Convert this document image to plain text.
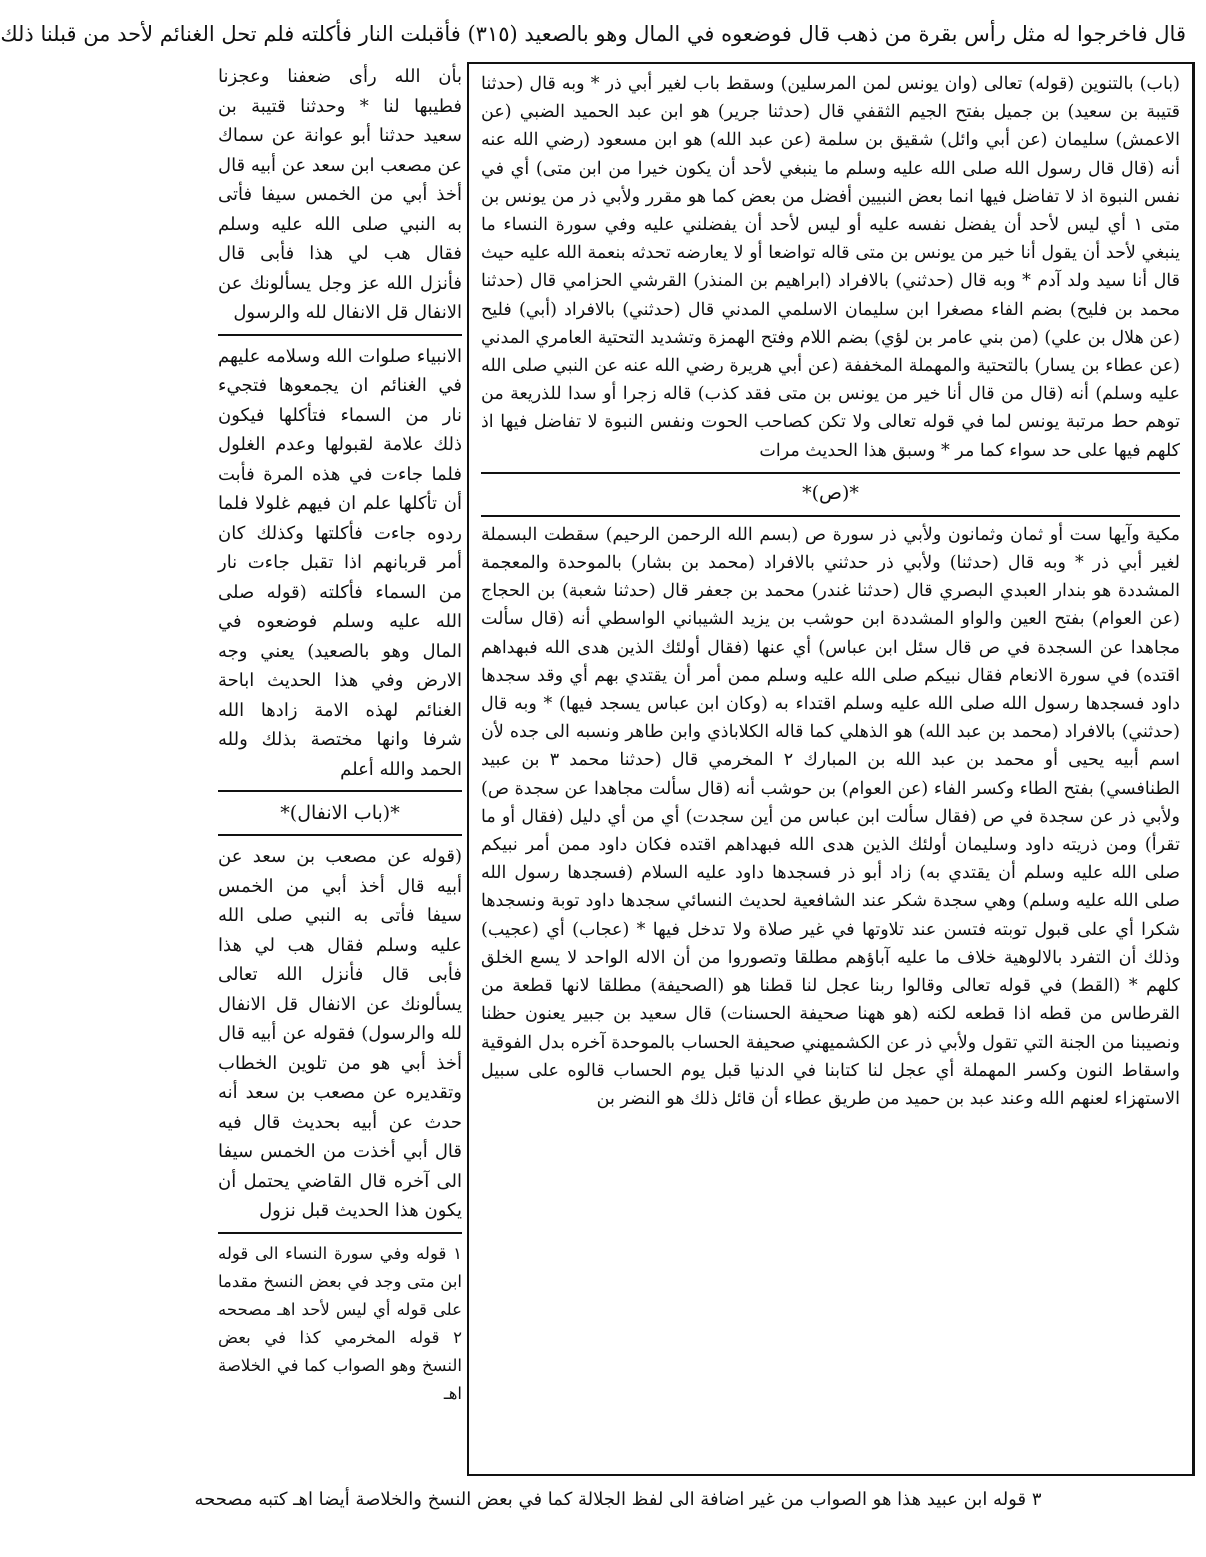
قال فاخرجوا له مثل رأس بقرة من ذهب قال فوضعوه في المال وهو بالصعيد (٣١٥) فأقبلت النار فأكلته فلم تحل الغنائم لأحد من قبلنا ذلك

(باب) بالتنوين (قوله) تعالى (وان يونس لمن المرسلين) وسقط باب لغير أبي ذر * وبه قال (حدثنا قتيبة بن سعيد) بن جميل بفتح الجيم الثقفي قال (حدثنا جرير) هو ابن عبد الحميد الضبي (عن الاعمش) سليمان (عن أبي وائل) شقيق بن سلمة (عن عبد الله) هو ابن مسعود (رضي الله عنه أنه (قال قال رسول الله صلى الله عليه وسلم ما ينبغي لأحد أن يكون خيرا من ابن متى) أي في نفس النبوة اذ لا تفاضل فيها انما بعض النبيين أفضل من بعض كما هو مقرر ولأبي ذر من يونس بن متى ١ أي ليس لأحد أن يفضل نفسه عليه أو ليس لأحد أن يفضلني عليه وفي سورة النساء ما ينبغي لأحد أن يقول أنا خير من يونس بن متى قاله تواضعا أو لا يعارضه تحدثه بنعمة الله عليه حيث قال أنا سيد ولد آدم * وبه قال (حدثني) بالافراد (ابراهيم بن المنذر) القرشي الحزامي قال (حدثنا محمد بن فليح) بضم الفاء مصغرا ابن سليمان الاسلمي المدني قال (حدثني) بالافراد (أبي) فليح (عن هلال بن علي) (من بني عامر بن لؤي) بضم اللام وفتح الهمزة وتشديد التحتية العامري المدني (عن عطاء بن يسار) بالتحتية والمهملة المخففة (عن أبي هريرة رضي الله عنه عن النبي صلى الله عليه وسلم) أنه (قال من قال أنا خير من يونس بن متى فقد كذب) قاله زجرا أو سدا للذريعة من توهم حط مرتبة يونس لما في قوله تعالى ولا تكن كصاحب الحوت ونفس النبوة لا تفاضل فيها اذ كلهم فيها على حد سواء كما مر * وسبق هذا الحديث مرات

*(ص)*

مكية وآيها ست أو ثمان وثمانون ولأبي ذر سورة ص (بسم الله الرحمن الرحيم) سقطت البسملة لغير أبي ذر * وبه قال (حدثنا) ولأبي ذر حدثني بالافراد (محمد بن بشار) بالموحدة والمعجمة المشددة هو بندار العبدي البصري قال (حدثنا غندر) محمد بن جعفر قال (حدثنا شعبة) بن الحجاج (عن العوام) بفتح العين والواو المشددة ابن حوشب بن يزيد الشيباني الواسطي أنه (قال سألت مجاهدا عن السجدة في ص قال سئل ابن عباس) أي عنها (فقال أولئك الذين هدى الله فبهداهم اقتده) في سورة الانعام فقال نبيكم صلى الله عليه وسلم ممن أمر أن يقتدي بهم أي وقد سجدها داود فسجدها رسول الله صلى الله عليه وسلم اقتداء به (وكان ابن عباس يسجد فيها) * وبه قال (حدثني) بالافراد (محمد بن عبد الله) هو الذهلي كما قاله الكلاباذي وابن طاهر ونسبه الى جده لأن اسم أبيه يحيى أو محمد بن عبد الله بن المبارك ٢ المخرمي قال (حدثنا محمد ٣ بن عبيد الطنافسي) بفتح الطاء وكسر الفاء (عن العوام) بن حوشب أنه (قال سألت مجاهدا عن سجدة ص) ولأبي ذر عن سجدة في ص (فقال سألت ابن عباس من أين سجدت) أي من أي دليل (فقال أو ما تقرأ) ومن ذريته داود وسليمان أولئك الذين هدى الله فبهداهم اقتده فكان داود ممن أمر نبيكم صلى الله عليه وسلم أن يقتدي به) زاد أبو ذر فسجدها داود عليه السلام (فسجدها رسول الله صلى الله عليه وسلم) وهي سجدة شكر عند الشافعية لحديث النسائي سجدها داود توبة ونسجدها شكرا أي على قبول توبته فتسن عند تلاوتها في غير صلاة ولا تدخل فيها * (عجاب) أي (عجيب) وذلك أن التفرد بالالوهية خلاف ما عليه آباؤهم مطلقا وتصوروا من أن الاله الواحد لا يسع الخلق كلهم * (القط) في قوله تعالى وقالوا ربنا عجل لنا قطنا هو (الصحيفة) مطلقا لانها قطعة من القرطاس من قطه اذا قطعه لكنه (هو ههنا صحيفة الحسنات) قال سعيد بن جبير يعنون حظنا ونصيبنا من الجنة التي تقول ولأبي ذر عن الكشميهني صحيفة الحساب بالموحدة آخره بدل الفوقية واسقاط النون وكسر المهملة أي عجل لنا كتابنا في الدنيا قبل يوم الحساب قالوه على سبيل الاستهزاء لعنهم الله وعند عبد بن حميد من طريق عطاء أن قائل ذلك هو النضر بن

بأن الله رأى ضعفنا وعجزنا فطيبها لنا * وحدثنا قتيبة بن سعيد حدثنا أبو عوانة عن سماك عن مصعب ابن سعد عن أبيه قال أخذ أبي من الخمس سيفا فأتى به النبي صلى الله عليه وسلم فقال هب لي هذا فأبى قال فأنزل الله عز وجل يسألونك عن الانفال قل الانفال لله والرسول

الانبياء صلوات الله وسلامه عليهم في الغنائم ان يجمعوها فتجيء نار من السماء فتأكلها فيكون ذلك علامة لقبولها وعدم الغلول فلما جاءت في هذه المرة فأبت أن تأكلها علم ان فيهم غلولا فلما ردوه جاءت فأكلتها وكذلك كان أمر قربانهم اذا تقبل جاءت نار من السماء فأكلته (قوله صلى الله عليه وسلم فوضعوه في المال وهو بالصعيد) يعني وجه الارض وفي هذا الحديث اباحة الغنائم لهذه الامة زادها الله شرفا وانها مختصة بذلك ولله الحمد والله أعلم

*(باب الانفال)*

(قوله عن مصعب بن سعد عن أبيه قال أخذ أبي من الخمس سيفا فأتى به النبي صلى الله عليه وسلم فقال هب لي هذا فأبى قال فأنزل الله تعالى يسألونك عن الانفال قل الانفال لله والرسول) فقوله عن أبيه قال أخذ أبي هو من تلوين الخطاب وتقديره عن مصعب بن سعد أنه حدث عن أبيه بحديث قال فيه قال أبي أخذت من الخمس سيفا الى آخره قال القاضي يحتمل أن يكون هذا الحديث قبل نزول

١ قوله وفي سورة النساء الى قوله ابن متى وجد في بعض النسخ مقدما على قوله أي ليس لأحد اهـ مصححه ٢ قوله المخرمي كذا في بعض النسخ وهو الصواب كما في الخلاصة اهـ

٣ قوله ابن عبيد هذا هو الصواب من غير اضافة الى لفظ الجلالة كما في بعض النسخ والخلاصة أيضا اهـ كتبه مصححه
